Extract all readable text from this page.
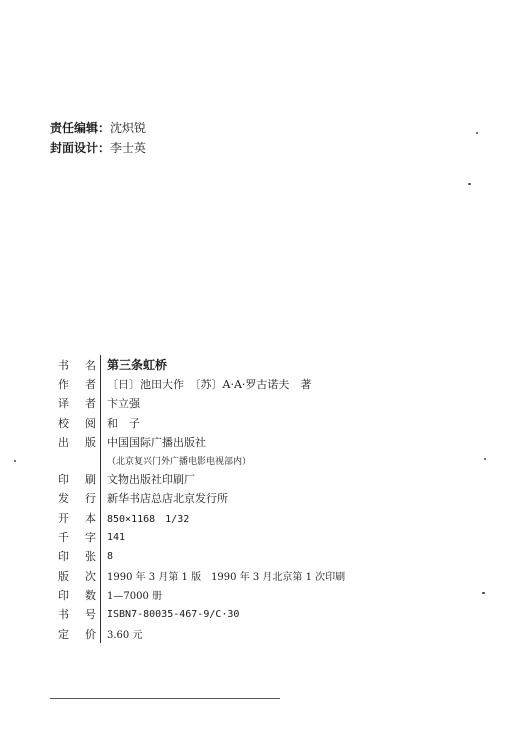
责任编辑： 沈炽锐
封面设计： 李士英
书 名 第三条虹桥
作 者	〔日〕池田大作　〔苏〕A·A·罗古诺夫　著
译 者	卞立强
校 阅	和　子
出 版	中国国际广播出版社
（北京复兴门外广播电影电视部内）
印 刷	文物出版社印刷厂
发 行	新华书店总店北京发行所
开 本	850×1168　1/32
千 字	141
印 张	8
版 次	1990 年 3 月第 1 版　1990 年 3 月北京第 1 次印刷
印 数	1—7000 册
书 号	ISBN7-80035-467-9/C·30
定 价	3.60 元
